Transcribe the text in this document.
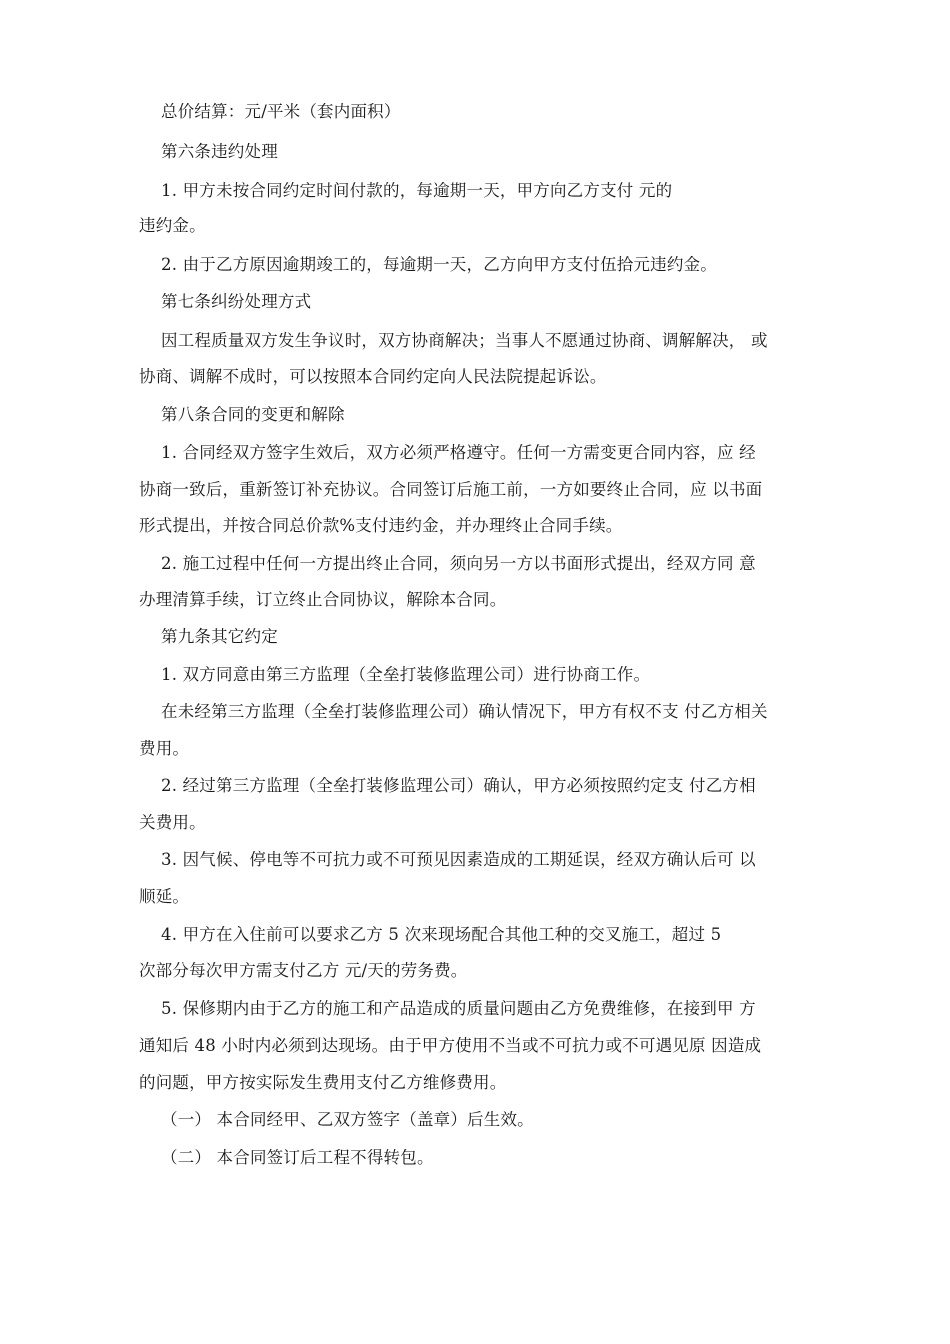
总价结算：元/平米（套内面积）
第六条违约处理
1. 甲方未按合同约定时间付款的，每逾期一天，甲方向乙方支付 元的
违约金。
2. 由于乙方原因逾期竣工的，每逾期一天，乙方向甲方支付伍拾元违约金。
第七条纠纷处理方式
因工程质量双方发生争议时，双方协商解决；当事人不愿通过协商、调解解决， 或
协商、调解不成时，可以按照本合同约定向人民法院提起诉讼。
第八条合同的变更和解除
1. 合同经双方签字生效后，双方必须严格遵守。任何一方需变更合同内容，应 经
协商一致后，重新签订补充协议。合同签订后施工前，一方如要终止合同，应 以书面
形式提出，并按合同总价款%支付违约金，并办理终止合同手续。
2. 施工过程中任何一方提出终止合同，须向另一方以书面形式提出，经双方同 意
办理清算手续，订立终止合同协议，解除本合同。
第九条其它约定
1. 双方同意由第三方监理（全垒打装修监理公司）进行协商工作。
在未经第三方监理（全垒打装修监理公司）确认情况下，甲方有权不支 付乙方相关
费用。
2. 经过第三方监理（全垒打装修监理公司）确认，甲方必须按照约定支 付乙方相
关费用。
3. 因气候、停电等不可抗力或不可预见因素造成的工期延误，经双方确认后可 以
顺延。
4. 甲方在入住前可以要求乙方 5 次来现场配合其他工种的交叉施工，超过 5
次部分每次甲方需支付乙方 元/天的劳务费。
5. 保修期内由于乙方的施工和产品造成的质量问题由乙方免费维修，在接到甲 方
通知后 48 小时内必须到达现场。由于甲方使用不当或不可抗力或不可遇见原 因造成
的问题，甲方按实际发生费用支付乙方维修费用。
（一） 本合同经甲、乙双方签字（盖章）后生效。
（二） 本合同签订后工程不得转包。
